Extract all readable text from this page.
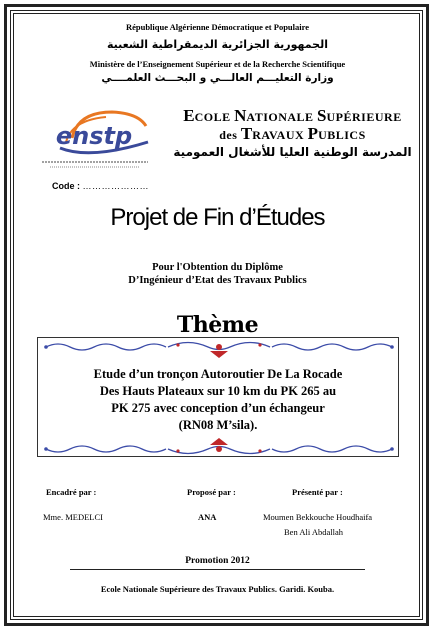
République Algérienne Démocratique et Populaire
الجمهورية الجزائرية الديمقراطية الشعبية
Ministère de l’Enseignement Supérieur et de la Recherche Scientifique
وزارة التعليـــم العالـــي و البحـــث العلمــــي
enstp
ECOLE NATIONALE SUPÉRIEURE
des TRAVAUX PUBLICS
المدرسة الوطنية العليا للأشغال العمومية
Code : …………………
Projet de Fin d’Études
Pour l'Obtention du Diplôme
D’Ingénieur d’Etat des Travaux Publics
Thème
Etude d’un tronçon Autoroutier De La Rocade
Des Hauts Plateaux sur 10 km du PK 265 au
PK 275 avec conception d’un échangeur
(RN08 M’sila).
Encadré par :	Proposé par :	Présenté par :
Mme. MEDELCI	ANA	Moumen Bekkouche Houdhaifa
Ben Ali Abdallah
Promotion 2012
Ecole Nationale Supérieure des Travaux Publics. Garidi. Kouba.
